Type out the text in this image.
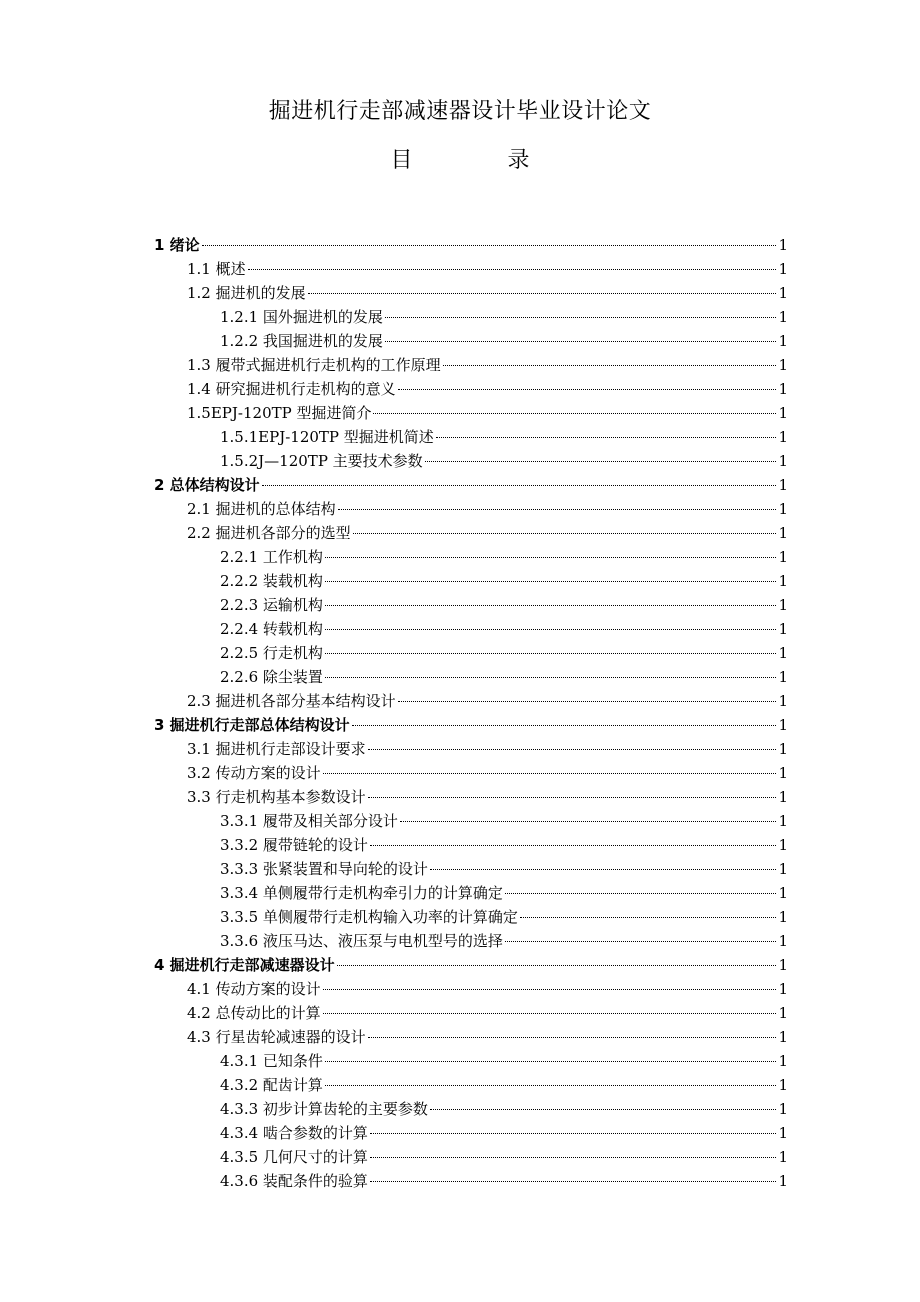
掘进机行走部减速器设计毕业设计论文
目 录
1 绪论	1
1.1 概述	1
1.2 掘进机的发展	1
1.2.1 国外掘进机的发展	1
1.2.2 我国掘进机的发展	1
1.3 履带式掘进机行走机构的工作原理	1
1.4 研究掘进机行走机构的意义	1
1.5EPJ-120TP 型掘进简介	1
1.5.1EPJ-120TP 型掘进机简述	1
1.5.2J—120TP 主要技术参数	1
2 总体结构设计	1
2.1 掘进机的总体结构	1
2.2 掘进机各部分的选型	1
2.2.1 工作机构	1
2.2.2 装载机构	1
2.2.3 运输机构	1
2.2.4 转载机构	1
2.2.5 行走机构	1
2.2.6 除尘装置	1
2.3 掘进机各部分基本结构设计	1
3 掘进机行走部总体结构设计	1
3.1 掘进机行走部设计要求	1
3.2 传动方案的设计	1
3.3 行走机构基本参数设计	1
3.3.1 履带及相关部分设计	1
3.3.2 履带链轮的设计	1
3.3.3 张紧装置和导向轮的设计	1
3.3.4 单侧履带行走机构牵引力的计算确定	1
3.3.5 单侧履带行走机构输入功率的计算确定	1
3.3.6 液压马达、液压泵与电机型号的选择	1
4 掘进机行走部减速器设计	1
4.1 传动方案的设计	1
4.2 总传动比的计算	1
4.3 行星齿轮减速器的设计	1
4.3.1 已知条件	1
4.3.2 配齿计算	1
4.3.3 初步计算齿轮的主要参数	1
4.3.4 啮合参数的计算	1
4.3.5 几何尺寸的计算	1
4.3.6 装配条件的验算	1
